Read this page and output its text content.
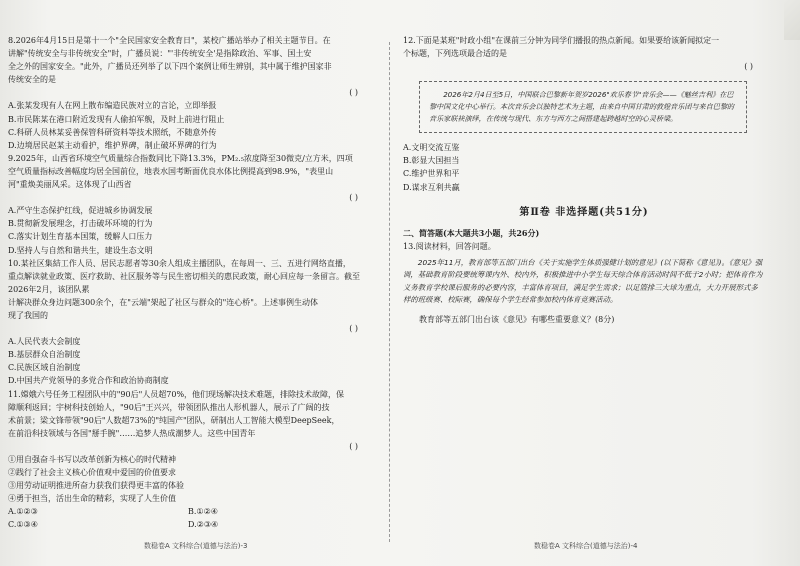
8.2026年4月15日是第十一个"全民国家安全教育日"，某校广播站举办了相关主题节目。在

讲解"传统安全与非传统安全"时，广播员说："'非传统安全'是指除政治、军事、国土安

全之外的国家安全。"此外，广播员还列举了以下四个案例让师生辨别，其中属于维护国家非

传统安全的是

( )

A.张某发现有人在网上散布编造民族对立的言论，立即举报

B.市民陈某在港口附近发现有人偷拍军舰，及时上前进行阻止

C.科研人员林某妥善保管科研资料等技术照纸，不随意外传

D.边境居民赵某主动看护，维护界碑，制止破坏界碑的行为

9.2025年，山西省环境空气质量综合指数同比下降13.3%，PM₂.₅浓度降至30微克/立方米，四项

空气质量指标改善幅度均居全国前位，地表水国考断面优良水体比例提高到98.9%，"表里山

河"重焕美丽风采。这体现了山西省

( )

A.严守生态保护红线，促进城乡协调发展

B.贯彻新发展理念，打击破坏环境的行为

C.落实计划生育基本国策，缓解人口压力

D.坚持人与自然和谐共生，建设生态文明

10.某社区集結工作人员、居民志愿者等30余人组成主播团队，在每周一、三、五进行网络直播，

重点解读就业政策、医疗救助、社区服务等与民生密切相关的惠民政策，耐心回应每一条留言。截至2026年2月，该团队累

计解决群众身边问题300余个，在"云端"架起了社区与群众的"连心桥"。上述事例生动体

现了我国的

( )

A.人民代表大会制度

B.基层群众自治制度

C.民族区域自治制度

D.中国共产党领导的多党合作和政治协商制度

11.嫦娥六号任务工程团队中的"90后"人员超70%，他们现场解决技术难题，排除技术故障，保

障顺利返回；宇树科技创始人，"90后"王兴兴，带领团队推出人形机器人，展示了广阔的技

术前景；梁文锋带领"90后"人数超73%的"纯国产"团队，研制出人工智能大模型DeepSeek，

在前沿科技领域与各国"掰手腕"……追梦人热成潮梦人。这些中国青年

( )

①用自强奋斗书写以改革创新为核心的时代精神

②践行了社会主义核心价值观中爱国的价值要求

③用劳动证明推进所奋力获我们获得更丰富的体验

④勇于担当，活出生命的精彩，实现了人生价值

A.①②③	B.①②④
C.①③④	D.②③④

12.下面是某班"时政小组"在课前三分钟为同学们播报的热点新闻。如果要给该新闻拟定一

个标题，下列选项最合适的是

( )
2026年2月4日至5日，中国联合巴黎新年贺岁2026"欢乐春节"音乐会——《魅丝吉利》在巴黎中国文化中心举行。本次音乐会以独特艺术为主题，由来自中国甘肃的敦煌音乐团与来自巴黎的音乐家联袂演绎，在传统与现代、东方与西方之间搭建起跨越时空的心灵桥梁。

A.文明交流互鉴

B.彰显大国担当

C.维护世界和平

D.谋求互利共赢

第Ⅱ卷 非选择题(共51分)

二、简答题(本大题共3小题，共26分)

13.阅读材料，回答问题。

2025年11月，教育部等五部门出台《关于实施学生体质强健计划的意见》(以下简称《意见》)。《意见》强调，基础教育阶段要统筹课内外、校内外，积极推进中小学生每天综合体育活动时间不低于2小时；把体育作为义务教育学校课后服务的必要内容，丰富体育项目，满足学生需求；以足篮排三大球为重点，大力开展形式多样的班级赛、校际赛，确保每个学生经常参加校内体育竞赛活动。

教育部等五部门出台该《意见》有哪些重要意义？(8分)

数稳卷A 文科综合(道德与法治)-3	数稳卷A 文科综合(道德与法治)-4
